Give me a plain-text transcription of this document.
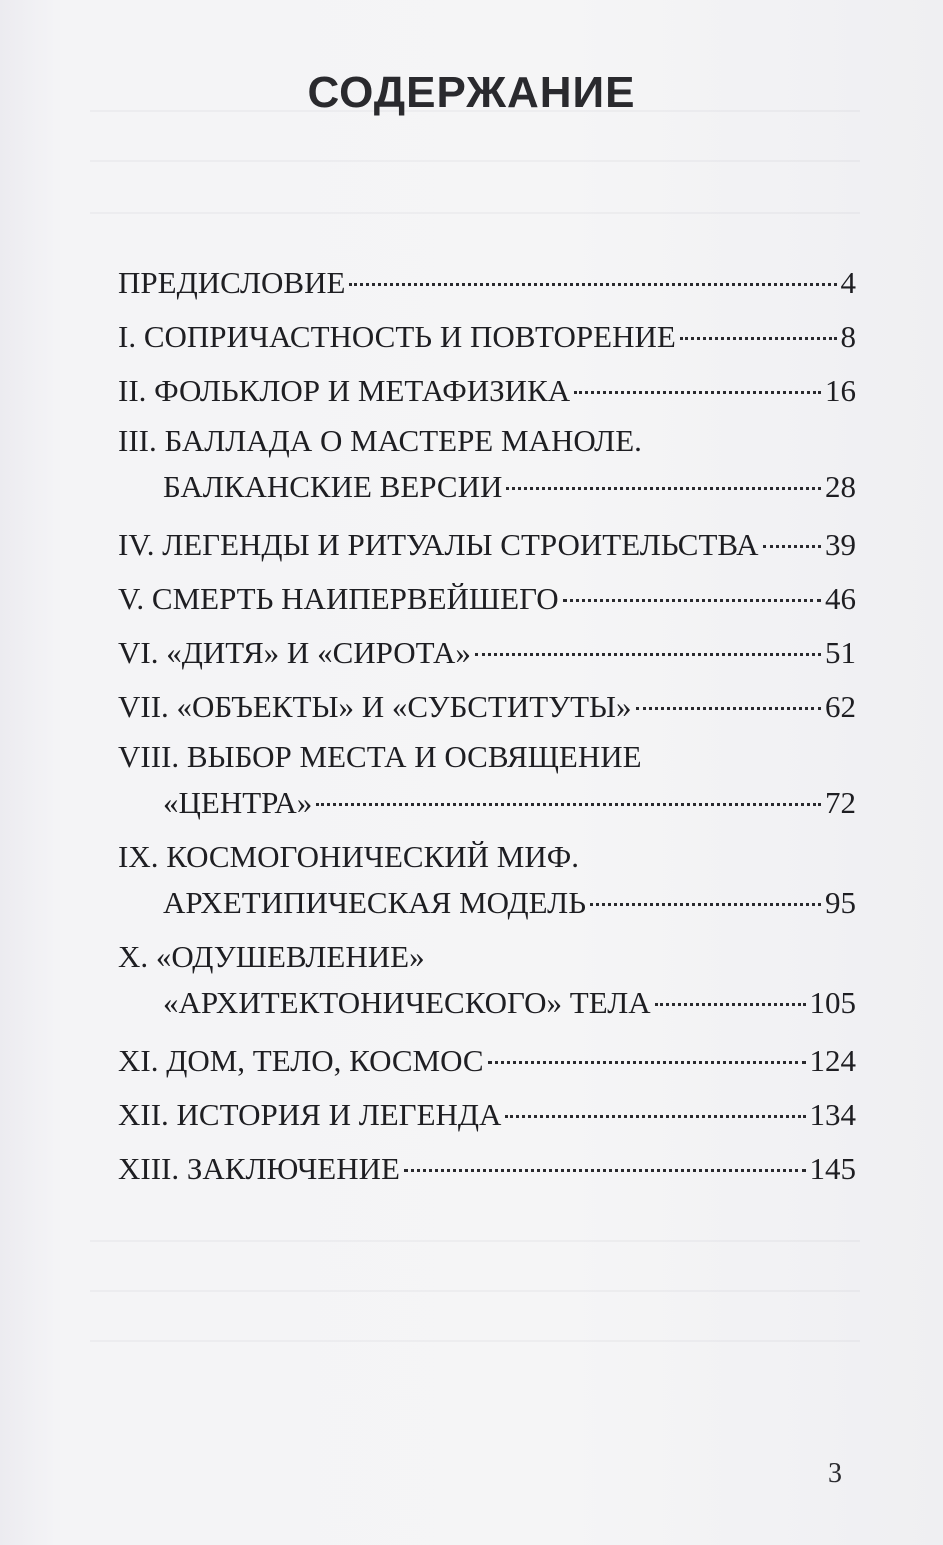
СОДЕРЖАНИЕ
ПРЕДИСЛОВИЕ	4
I. СОПРИЧАСТНОСТЬ И ПОВТОРЕНИЕ	8
II. ФОЛЬКЛОР И МЕТАФИЗИКА	16
III. БАЛЛАДА О МАСТЕРЕ МАНОЛЕ.
БАЛКАНСКИЕ ВЕРСИИ	28
IV. ЛЕГЕНДЫ И РИТУАЛЫ СТРОИТЕЛЬСТВА 39
V. СМЕРТЬ НАИПЕРВЕЙШЕГО	46
VI. «ДИТЯ» И «СИРОТА»	51
VII. «ОБЪЕКТЫ» И «СУБСТИТУТЫ»	62
VIII. ВЫБОР МЕСТА И ОСВЯЩЕНИЕ
«ЦЕНТРА»	72
IX. КОСМОГОНИЧЕСКИЙ МИФ.
АРХЕТИПИЧЕСКАЯ МОДЕЛЬ	95
X. «ОДУШЕВЛЕНИЕ»
«АРХИТЕКТОНИЧЕСКОГО» ТЕЛА	105
XI. ДОМ, ТЕЛО, КОСМОС	124
XII. ИСТОРИЯ И ЛЕГЕНДА	134
XIII. ЗАКЛЮЧЕНИЕ	145
3
